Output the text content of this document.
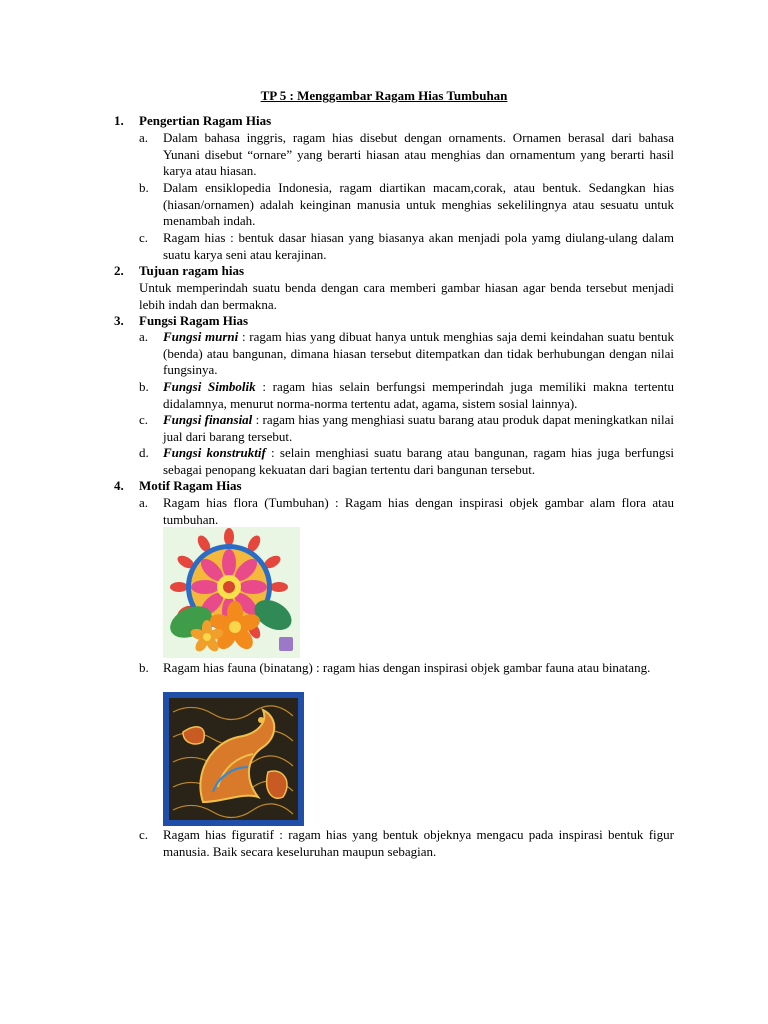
TP 5 : Menggambar Ragam Hias Tumbuhan
1. Pengertian Ragam Hias
a. Dalam bahasa inggris, ragam hias disebut dengan ornaments. Ornamen berasal dari bahasa Yunani disebut “ornare” yang berarti hiasan atau menghias dan ornamentum yang berarti hasil karya atau hiasan.
b. Dalam ensiklopedia Indonesia, ragam diartikan macam,corak, atau bentuk. Sedangkan hias (hiasan/ornamen) adalah keinginan manusia untuk menghias sekelilingnya atau sesuatu untuk menambah indah.
c. Ragam hias : bentuk dasar hiasan yang biasanya akan menjadi pola yamg diulang-ulang dalam suatu karya seni atau kerajinan.
2. Tujuan ragam hias
Untuk memperindah suatu benda dengan cara memberi gambar hiasan agar benda tersebut menjadi lebih indah dan bermakna.
3. Fungsi Ragam Hias
a. Fungsi murni : ragam hias yang dibuat hanya untuk menghias saja demi keindahan suatu bentuk (benda) atau bangunan, dimana hiasan tersebut ditempatkan dan tidak berhubungan dengan nilai fungsinya.
b. Fungsi Simbolik : ragam hias selain berfungsi memperindah juga memiliki makna tertentu didalamnya, menurut norma-norma tertentu adat, agama, sistem sosial lainnya).
c. Fungsi finansial : ragam hias yang menghiasi suatu barang atau produk dapat meningkatkan nilai jual dari barang tersebut.
d. Fungsi konstruktif : selain menghiasi suatu barang atau bangunan, ragam hias juga berfungsi sebagai penopang kekuatan dari bagian tertentu dari bangunan tersebut.
4. Motif Ragam Hias
a. Ragam hias flora (Tumbuhan) : Ragam hias dengan inspirasi objek gambar alam flora atau tumbuhan.
b. Ragam hias fauna (binatang) : ragam hias dengan inspirasi objek gambar fauna atau binatang.
c. Ragam hias figuratif : ragam hias yang bentuk objeknya mengacu pada inspirasi bentuk figur manusia. Baik secara keseluruhan maupun sebagian.
